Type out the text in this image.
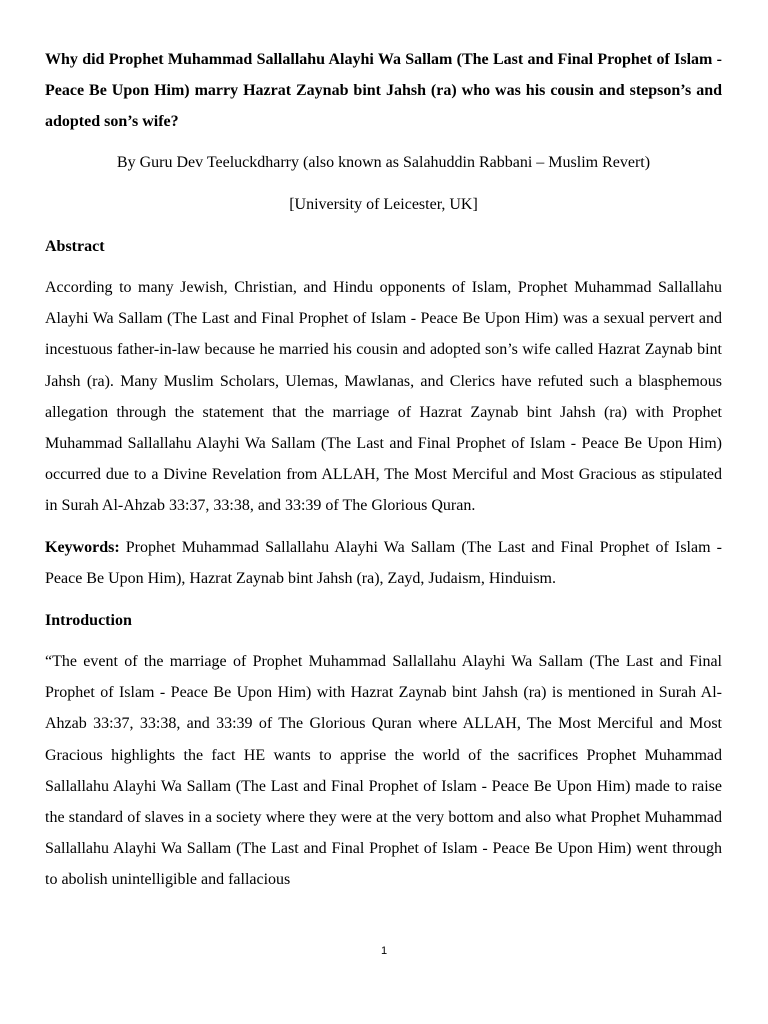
Why did Prophet Muhammad Sallallahu Alayhi Wa Sallam (The Last and Final Prophet of Islam - Peace Be Upon Him) marry Hazrat Zaynab bint Jahsh (ra) who was his cousin and stepson’s and adopted son’s wife?

By Guru Dev Teeluckdharry (also known as Salahuddin Rabbani – Muslim Revert)

[University of Leicester, UK]

Abstract

According to many Jewish, Christian, and Hindu opponents of Islam, Prophet Muhammad Sallallahu Alayhi Wa Sallam (The Last and Final Prophet of Islam - Peace Be Upon Him) was a sexual pervert and incestuous father-in-law because he married his cousin and adopted son’s wife called Hazrat Zaynab bint Jahsh (ra). Many Muslim Scholars, Ulemas, Mawlanas, and Clerics have refuted such a blasphemous allegation through the statement that the marriage of Hazrat Zaynab bint Jahsh (ra) with Prophet Muhammad Sallallahu Alayhi Wa Sallam (The Last and Final Prophet of Islam - Peace Be Upon Him) occurred due to a Divine Revelation from ALLAH, The Most Merciful and Most Gracious as stipulated in Surah Al-Ahzab 33:37, 33:38, and 33:39 of The Glorious Quran.

Keywords: Prophet Muhammad Sallallahu Alayhi Wa Sallam (The Last and Final Prophet of Islam - Peace Be Upon Him), Hazrat Zaynab bint Jahsh (ra), Zayd, Judaism, Hinduism.

Introduction

“The event of the marriage of Prophet Muhammad Sallallahu Alayhi Wa Sallam (The Last and Final Prophet of Islam - Peace Be Upon Him) with Hazrat Zaynab bint Jahsh (ra) is mentioned in Surah Al-Ahzab 33:37, 33:38, and 33:39 of The Glorious Quran where ALLAH, The Most Merciful and Most Gracious highlights the fact HE wants to apprise the world of the sacrifices Prophet Muhammad Sallallahu Alayhi Wa Sallam (The Last and Final Prophet of Islam - Peace Be Upon Him) made to raise the standard of slaves in a society where they were at the very bottom and also what Prophet Muhammad Sallallahu Alayhi Wa Sallam (The Last and Final Prophet of Islam - Peace Be Upon Him) went through to abolish unintelligible and fallacious

1
